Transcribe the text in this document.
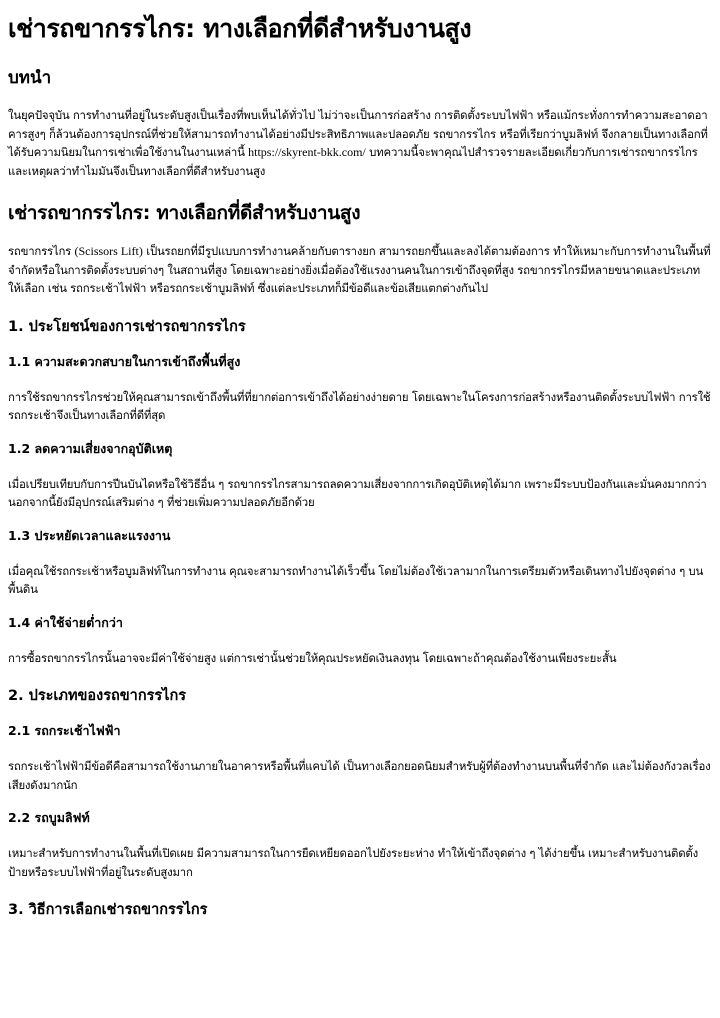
เช่ารถขากรรไกร: ทางเลือกที่ดีสำหรับงานสูง
บทนำ

ในยุคปัจจุบัน การทำงานที่อยู่ในระดับสูงเป็นเรื่องที่พบเห็นได้ทั่วไป ไม่ว่าจะเป็นการก่อสร้าง การติดตั้งระบบไฟฟ้า หรือแม้กระทั่งการทำความสะอาดอาคารสูงๆ ก็ล้วนต้องการอุปกรณ์ที่ช่วยให้สามารถทำงานได้อย่างมีประสิทธิภาพและปลอดภัย รถขากรรไกร หรือที่เรียกว่าบูมลิฟท์ จึงกลายเป็นทางเลือกที่ได้รับความนิยมในการเช่าเพื่อใช้งานในงานเหล่านี้ https://skyrent-bkk.com/ บทความนี้จะพาคุณไปสำรวจรายละเอียดเกี่ยวกับการเช่ารถขากรรไกร และเหตุผลว่าทำไมมันจึงเป็นทางเลือกที่ดีสำหรับงานสูง

เช่ารถขากรรไกร: ทางเลือกที่ดีสำหรับงานสูง

รถขากรรไกร (Scissors Lift) เป็นรถยกที่มีรูปแบบการทำงานคล้ายกับตารางยก สามารถยกขึ้นและลงได้ตามต้องการ ทำให้เหมาะกับการทำงานในพื้นที่จำกัดหรือในการติดตั้งระบบต่างๆ ในสถานที่สูง โดยเฉพาะอย่างยิ่งเมื่อต้องใช้แรงงานคนในการเข้าถึงจุดที่สูง รถขากรรไกรมีหลายขนาดและประเภทให้เลือก เช่น รถกระเช้าไฟฟ้า หรือรถกระเช้าบูมลิฟท์ ซึ่งแต่ละประเภทก็มีข้อดีและข้อเสียแตกต่างกันไป

1. ประโยชน์ของการเช่ารถขากรรไกร
1.1 ความสะดวกสบายในการเข้าถึงพื้นที่สูง

การใช้รถขากรรไกรช่วยให้คุณสามารถเข้าถึงพื้นที่ที่ยากต่อการเข้าถึงได้อย่างง่ายดาย โดยเฉพาะในโครงการก่อสร้างหรืองานติดตั้งระบบไฟฟ้า การใช้รถกระเช้าจึงเป็นทางเลือกที่ดีที่สุด

1.2 ลดความเสี่ยงจากอุบัติเหตุ

เมื่อเปรียบเทียบกับการปีนบันไดหรือใช้วิธีอื่น ๆ รถขากรรไกรสามารถลดความเสี่ยงจากการเกิดอุบัติเหตุได้มาก เพราะมีระบบป้องกันและมั่นคงมากกว่า นอกจากนี้ยังมีอุปกรณ์เสริมต่าง ๆ ที่ช่วยเพิ่มความปลอดภัยอีกด้วย

1.3 ประหยัดเวลาและแรงงาน

เมื่อคุณใช้รถกระเช้าหรือบูมลิฟท์ในการทำงาน คุณจะสามารถทำงานได้เร็วขึ้น โดยไม่ต้องใช้เวลามากในการเตรียมตัวหรือเดินทางไปยังจุดต่าง ๆ บนพื้นดิน

1.4 ค่าใช้จ่ายต่ำกว่า

การซื้อรถขากรรไกรนั้นอาจจะมีค่าใช้จ่ายสูง แต่การเช่านั้นช่วยให้คุณประหยัดเงินลงทุน โดยเฉพาะถ้าคุณต้องใช้งานเพียงระยะสั้น

2. ประเภทของรถขากรรไกร
2.1 รถกระเช้าไฟฟ้า

รถกระเช้าไฟฟ้ามีข้อดีคือสามารถใช้งานภายในอาคารหรือพื้นที่แคบได้ เป็นทางเลือกยอดนิยมสำหรับผู้ที่ต้องทำงานบนพื้นที่จำกัด และไม่ต้องกังวลเรื่องเสียงดังมากนัก

2.2 รถบูมลิฟท์

เหมาะสำหรับการทำงานในพื้นที่เปิดเผย มีความสามารถในการยืดเหยียดออกไปยังระยะห่าง ทำให้เข้าถึงจุดต่าง ๆ ได้ง่ายขึ้น เหมาะสำหรับงานติดตั้งป้ายหรือระบบไฟฟ้าที่อยู่ในระดับสูงมาก

3. วิธีการเลือกเช่ารถขากรรไกร
